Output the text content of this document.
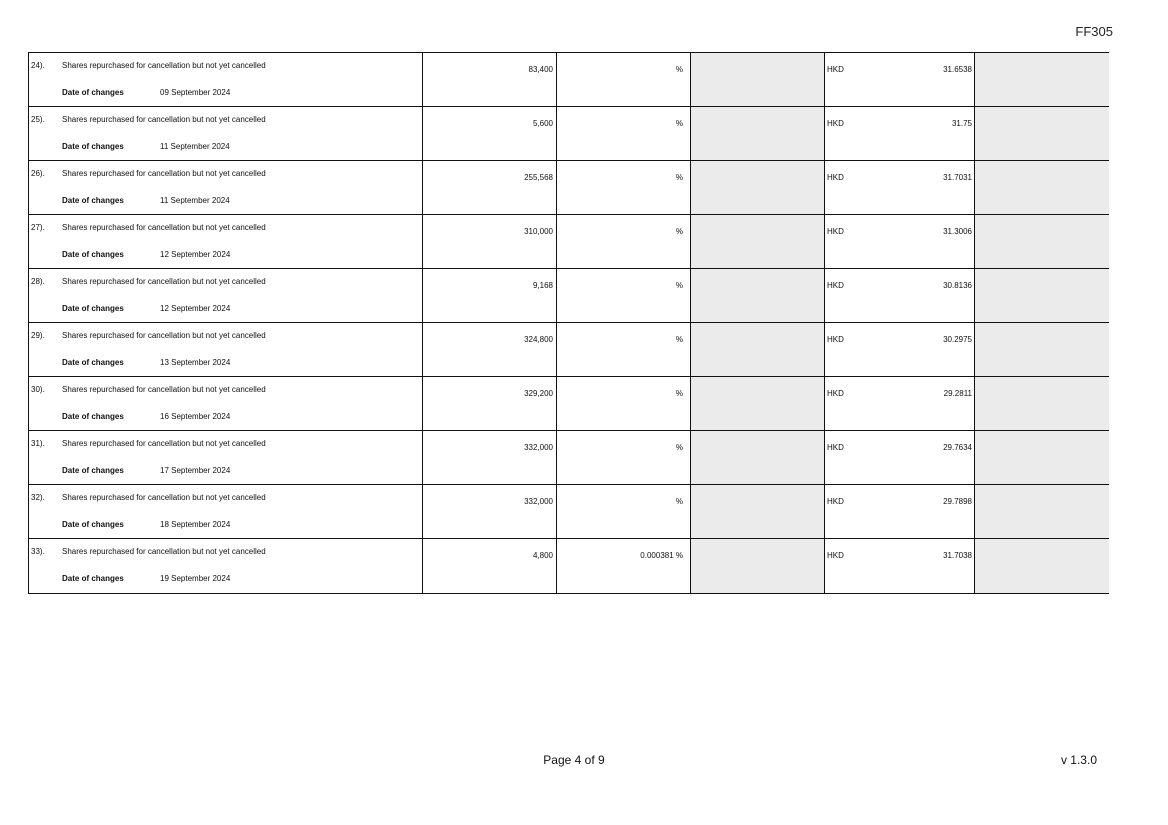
FF305
24). Shares repurchased for cancellation but not yet cancelled
Date of changes	09 September 2024
83,400	%	HKD	31.6538
25). Shares repurchased for cancellation but not yet cancelled
Date of changes	11 September 2024
5,600	%	HKD	31.75
26). Shares repurchased for cancellation but not yet cancelled
Date of changes	11 September 2024
255,568	%	HKD	31.7031
27). Shares repurchased for cancellation but not yet cancelled
Date of changes	12 September 2024
310,000	%	HKD	31.3006
28). Shares repurchased for cancellation but not yet cancelled
Date of changes	12 September 2024
9,168	%	HKD	30.8136
29). Shares repurchased for cancellation but not yet cancelled
Date of changes	13 September 2024
324,800	%	HKD	30.2975
30). Shares repurchased for cancellation but not yet cancelled
Date of changes	16 September 2024
329,200	%	HKD	29.2811
31). Shares repurchased for cancellation but not yet cancelled
Date of changes	17 September 2024
332,000	%	HKD	29.7634
32). Shares repurchased for cancellation but not yet cancelled
Date of changes	18 September 2024
332,000	%	HKD	29.7898
33). Shares repurchased for cancellation but not yet cancelled
Date of changes	19 September 2024
4,800	0.000381 %	HKD	31.7038
Page 4 of 9	v 1.3.0
